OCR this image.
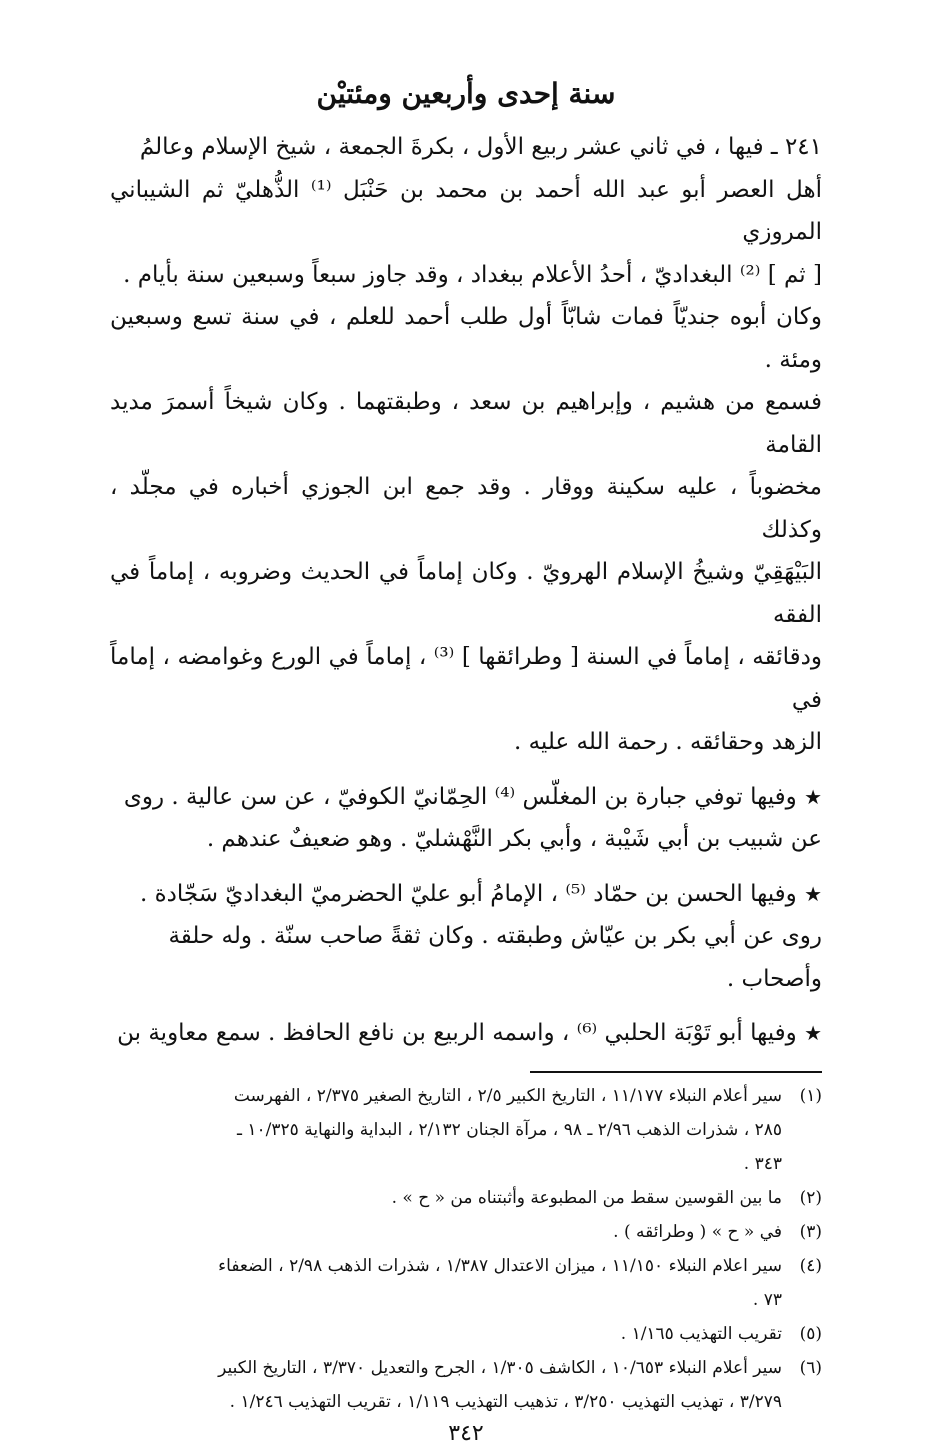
سنة إحدى وأربعين ومئتيْن

٢٤١ ـ فيها ، في ثاني عشر ربيع الأول ، بكرةَ الجمعة ، شيخ الإسلام وعالمُ
أهل العصر أبو عبد الله أحمد بن محمد بن حَنْبَل ⁽¹⁾ الذُّهليّ ثم الشيباني المروزي
[ ثم ] ⁽²⁾ البغداديّ ، أحدُ الأعلام ببغداد ، وقد جاوز سبعاً وسبعين سنة بأيام .
وكان أبوه جنديّاً فمات شابّاً أول طلب أحمد للعلم ، في سنة تسع وسبعين ومئة .
فسمع من هشيم ، وإبراهيم بن سعد ، وطبقتهما . وكان شيخاً أسمرَ مديد القامة
مخضوباً ، عليه سكينة ووقار . وقد جمع ابن الجوزي أخباره في مجلّد ، وكذلك
البَيْهَقِيّ وشيخُ الإسلام الهرويّ . وكان إماماً في الحديث وضروبه ، إماماً في الفقه
ودقائقه ، إماماً في السنة [ وطرائقها ] ⁽³⁾ ، إماماً في الورع وغوامضه ، إماماً في
الزهد وحقائقه . رحمة الله عليه .

★ وفيها توفي جبارة بن المغلّس ⁽⁴⁾ الحِمّانيّ الكوفيّ ، عن سن عالية . روى
عن شبيب بن أبي شَيْبة ، وأبي بكر النَّهْشليّ . وهو ضعيفٌ عندهم .

★ وفيها الحسن بن حمّاد ⁽⁵⁾ ، الإمامُ أبو عليّ الحضرميّ البغداديّ سَجّادة .
روى عن أبي بكر بن عيّاش وطبقته . وكان ثقةً صاحب سنّة . وله حلقة
وأصحاب .

★ وفيها أبو تَوْبَة الحلبي ⁽⁶⁾ ، واسمه الربيع بن نافع الحافظ . سمع معاوية بن

(١)
سير أعلام النبلاء ١١/١٧٧ ، التاريخ الكبير ٢/٥ ، التاريخ الصغير ٢/٣٧٥ ، الفهرست
٢٨٥ ، شذرات الذهب ٢/٩٦ ـ ٩٨ ، مرآة الجنان ٢/١٣٢ ، البداية والنهاية ١٠/٣٢٥ ـ
٣٤٣ .
(٢)
ما بين القوسين سقط من المطبوعة وأثبتناه من « ح » .
(٣)
في « ح » ( وطرائقه ) .
(٤)
سير اعلام النبلاء ١١/١٥٠ ، ميزان الاعتدال ١/٣٨٧ ، شذرات الذهب ٢/٩٨ ، الضعفاء
٧٣ .
(٥)
تقريب التهذيب ١/١٦٥ .
(٦)
سير أعلام النبلاء ١٠/٦٥٣ ، الكاشف ١/٣٠٥ ، الجرح والتعديل ٣/٣٧٠ ، التاريخ الكبير
٣/٢٧٩ ، تهذيب التهذيب ٣/٢٥٠ ، تذهيب التهذيب ١/١١٩ ، تقريب التهذيب ١/٢٤٦ .
٣٤٢
